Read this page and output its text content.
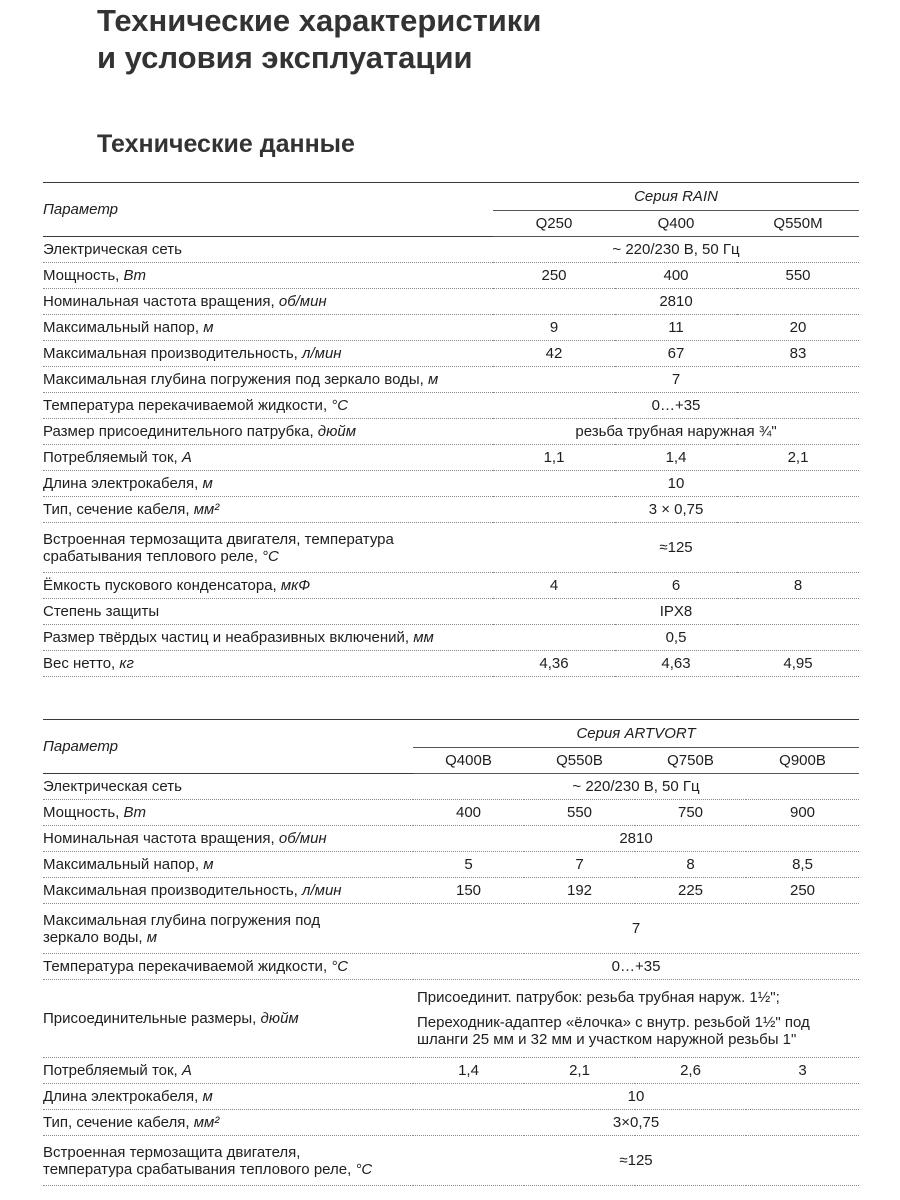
Технические характеристики
и условия эксплуатации
Технические данные
Параметр	Серия RAIN		
	Q250	Q400	Q550M
Электрическая сеть	~ 220/230 В, 50 Гц		
Мощность, Вт	250	400	550
Номинальная частота вращения, об/мин	2810		
Максимальный напор, м	9	11	20
Максимальная производительность, л/мин	42	67	83
Максимальная глубина погружения под зеркало воды, м	7		
Температура перекачиваемой жидкости, °С	0…+35		
Размер присоединительного патрубка, дюйм	резьба трубная наружная ¾"		
Потребляемый ток, А	1,1	1,4	2,1
Длина электрокабеля, м	10		
Тип, сечение кабеля, мм²	3 × 0,75		
Встроенная термозащита двигателя, температура
срабатывания теплового реле, °С	≈125		
Ёмкость пускового конденсатора, мкФ	4	6	8
Степень защиты	IPX8		
Размер твёрдых частиц и неабразивных включений, мм	0,5		
Вес нетто, кг	4,36	4,63	4,95
Параметр	Серия ARTVORT			
	Q400B	Q550B	Q750B	Q900B
Электрическая сеть	~ 220/230 В, 50 Гц			
Мощность, Вт	400	550	750	900
Номинальная частота вращения, об/мин	2810			
Максимальный напор, м	5	7	8	8,5
Максимальная производительность, л/мин	150	192	225	250
Максимальная глубина погружения под
зеркало воды, м	7			
Температура перекачиваемой жидкости, °С	0…+35			
Присоединительные размеры, дюйм	Присоединит. патрубок: резьба трубная наруж. 1½";
Переходник-адаптер «ёлочка» с внутр. резьбой 1½" под
шланги 25 мм и 32 мм и участком наружной резьбы 1"			

Потребляемый ток, А	1,4	2,1	2,6	3
Длина электрокабеля, м	10			
Тип, сечение кабеля, мм²	3×0,75			
Встроенная термозащита двигателя,
температура срабатывания теплового реле, °С	≈125			
